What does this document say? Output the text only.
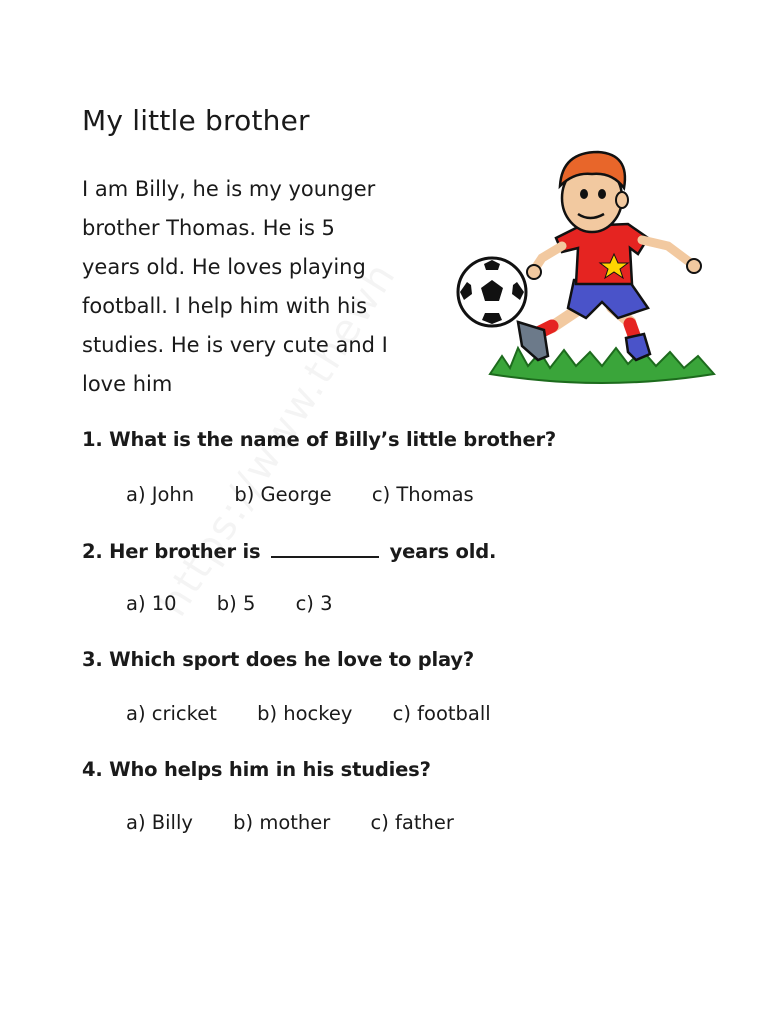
My little brother
I am Billy, he is my younger
brother Thomas. He is 5
years old. He loves playing
football. I help him with his
studies. He is very cute and I
love him
1. What is the name of Billy’s little brother?
a) John b) George c) Thomas
2. Her brother is	years old.
a) 10 b) 5 c) 3
3. Which sport does he love to play?
a) cricket b) hockey c) football
4. Who helps him in his studies?
a) Billy b) mother c) father
